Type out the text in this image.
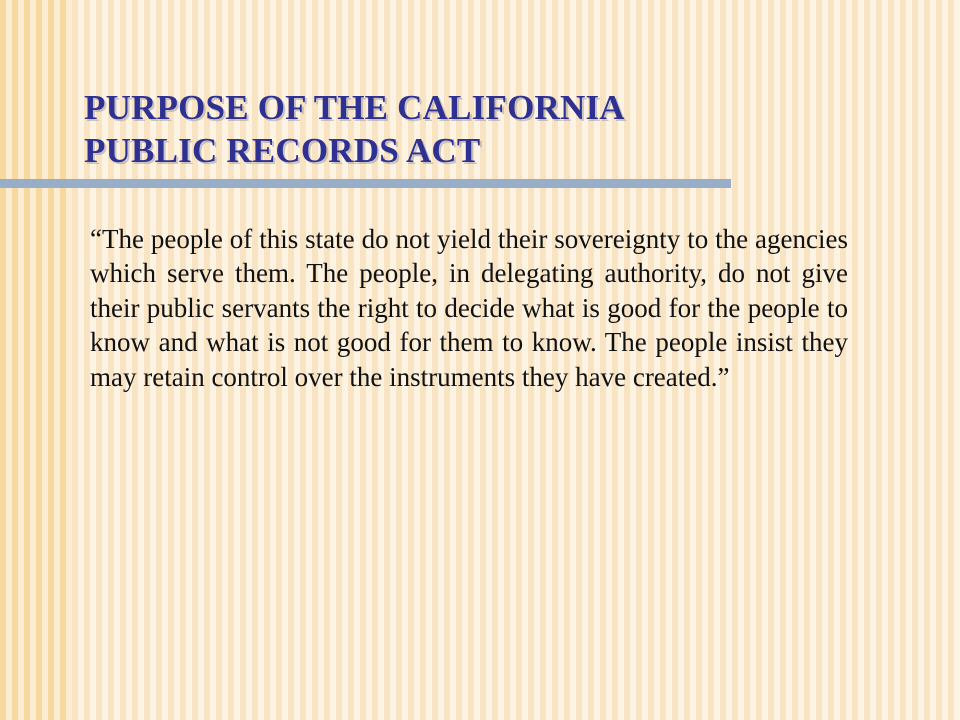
PURPOSE OF THE CALIFORNIA
PUBLIC RECORDS ACT

“The people of this state do not yield their sovereignty to the agencies which serve them. The people, in delegating authority, do not give their public servants the right to decide what is good for the people to know and what is not good for them to know. The people insist they may retain control over the instruments they have created.”
